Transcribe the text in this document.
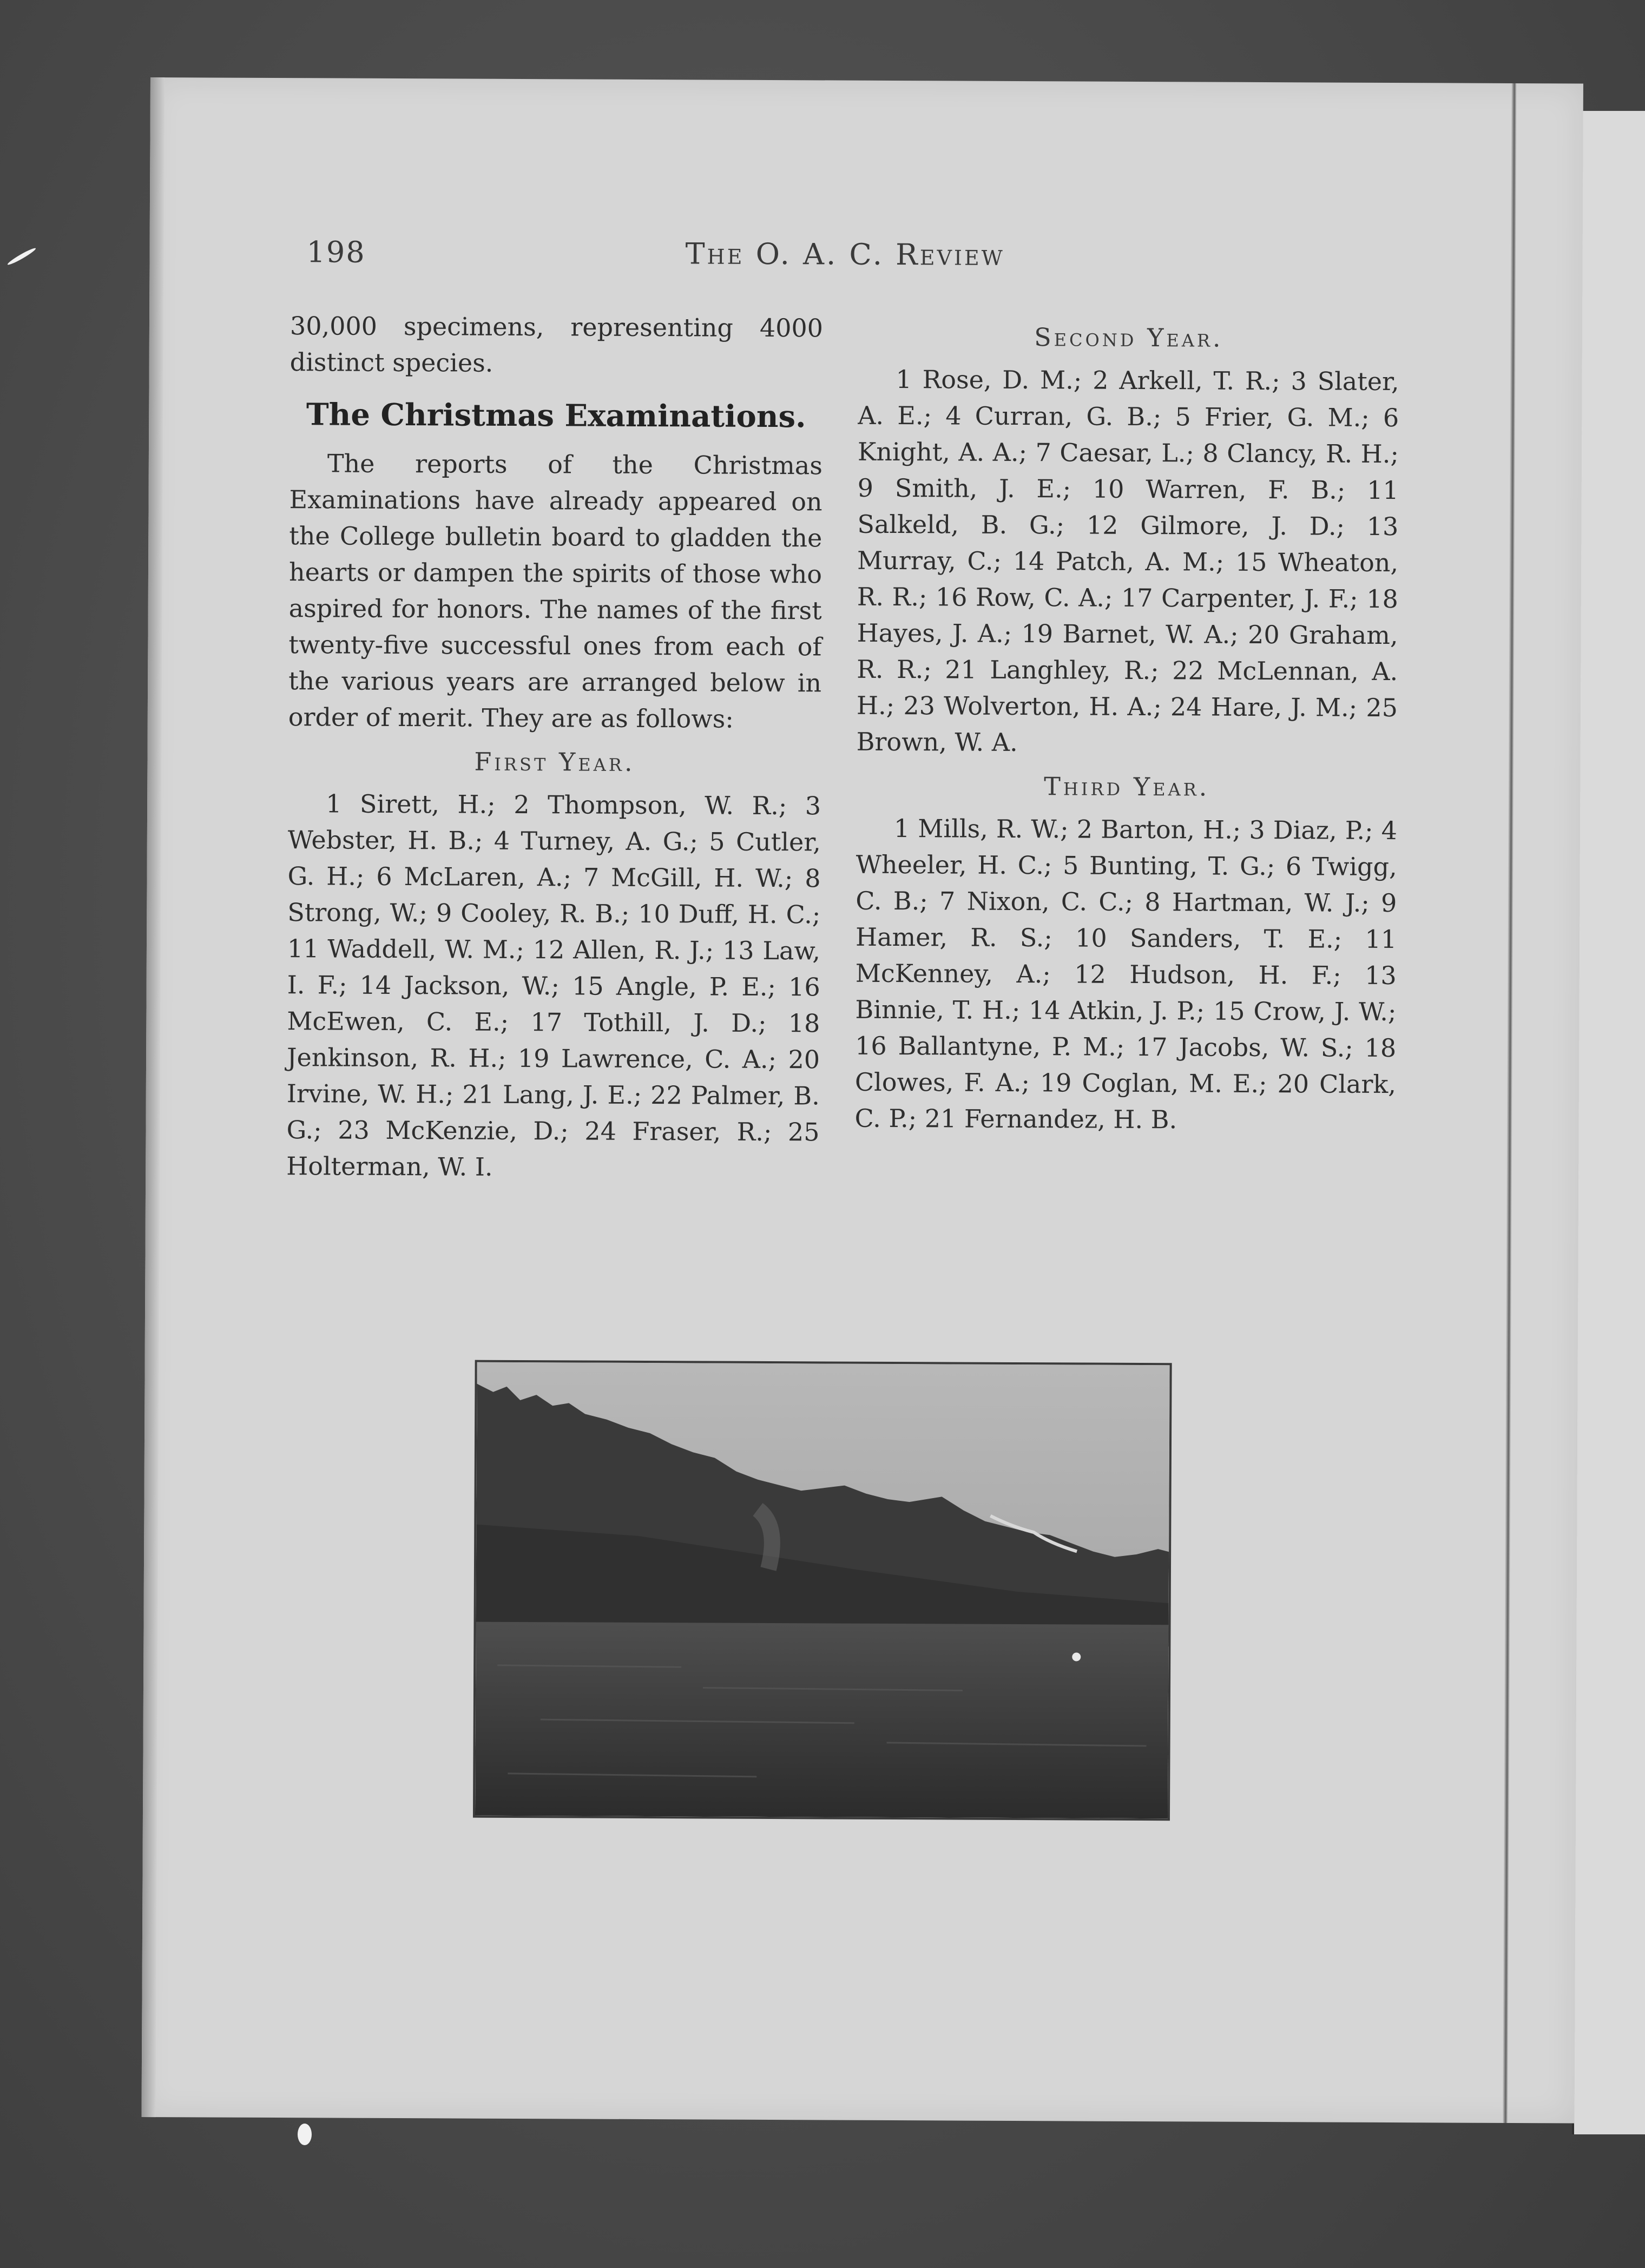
198	The O. A. C. Review

30,000 specimens, representing 4000 distinct species.

The Christmas Examinations.

The reports of the Christmas Examinations have already appeared on the College bulletin board to gladden the hearts or dampen the spirits of those who aspired for honors. The names of the first twenty-five successful ones from each of the various years are arranged below in order of merit. They are as follows:

First Year.

1 Sirett, H.; 2 Thompson, W. R.; 3 Webster, H. B.; 4 Turney, A. G.; 5 Cutler, G. H.; 6 McLaren, A.; 7 McGill, H. W.; 8 Strong, W.; 9 Cooley, R. B.; 10 Duff, H. C.; 11 Waddell, W. M.; 12 Allen, R. J.; 13 Law, I. F.; 14 Jackson, W.; 15 Angle, P. E.; 16 McEwen, C. E.; 17 Tothill, J. D.; 18 Jenkinson, R. H.; 19 Lawrence, C. A.; 20 Irvine, W. H.; 21 Lang, J. E.; 22 Palmer, B. G.; 23 McKenzie, D.; 24 Fraser, R.; 25 Holterman, W. I.

Second Year.

1 Rose, D. M.; 2 Arkell, T. R.; 3 Slater, A. E.; 4 Curran, G. B.; 5 Frier, G. M.; 6 Knight, A. A.; 7 Caesar, L.; 8 Clancy, R. H.; 9 Smith, J. E.; 10 Warren, F. B.; 11 Salkeld, B. G.; 12 Gilmore, J. D.; 13 Murray, C.; 14 Patch, A. M.; 15 Wheaton, R. R.; 16 Row, C. A.; 17 Carpenter, J. F.; 18 Hayes, J. A.; 19 Barnet, W. A.; 20 Graham, R. R.; 21 Langhley, R.; 22 McLennan, A. H.; 23 Wolverton, H. A.; 24 Hare, J. M.; 25 Brown, W. A.

Third Year.

1 Mills, R. W.; 2 Barton, H.; 3 Diaz, P.; 4 Wheeler, H. C.; 5 Bunting, T. G.; 6 Twigg, C. B.; 7 Nixon, C. C.; 8 Hartman, W. J.; 9 Hamer, R. S.; 10 Sanders, T. E.; 11 McKenney, A.; 12 Hudson, H. F.; 13 Binnie, T. H.; 14 Atkin, J. P.; 15 Crow, J. W.; 16 Ballantyne, P. M.; 17 Jacobs, W. S.; 18 Clowes, F. A.; 19 Coglan, M. E.; 20 Clark, C. P.; 21 Fernandez, H. B.
